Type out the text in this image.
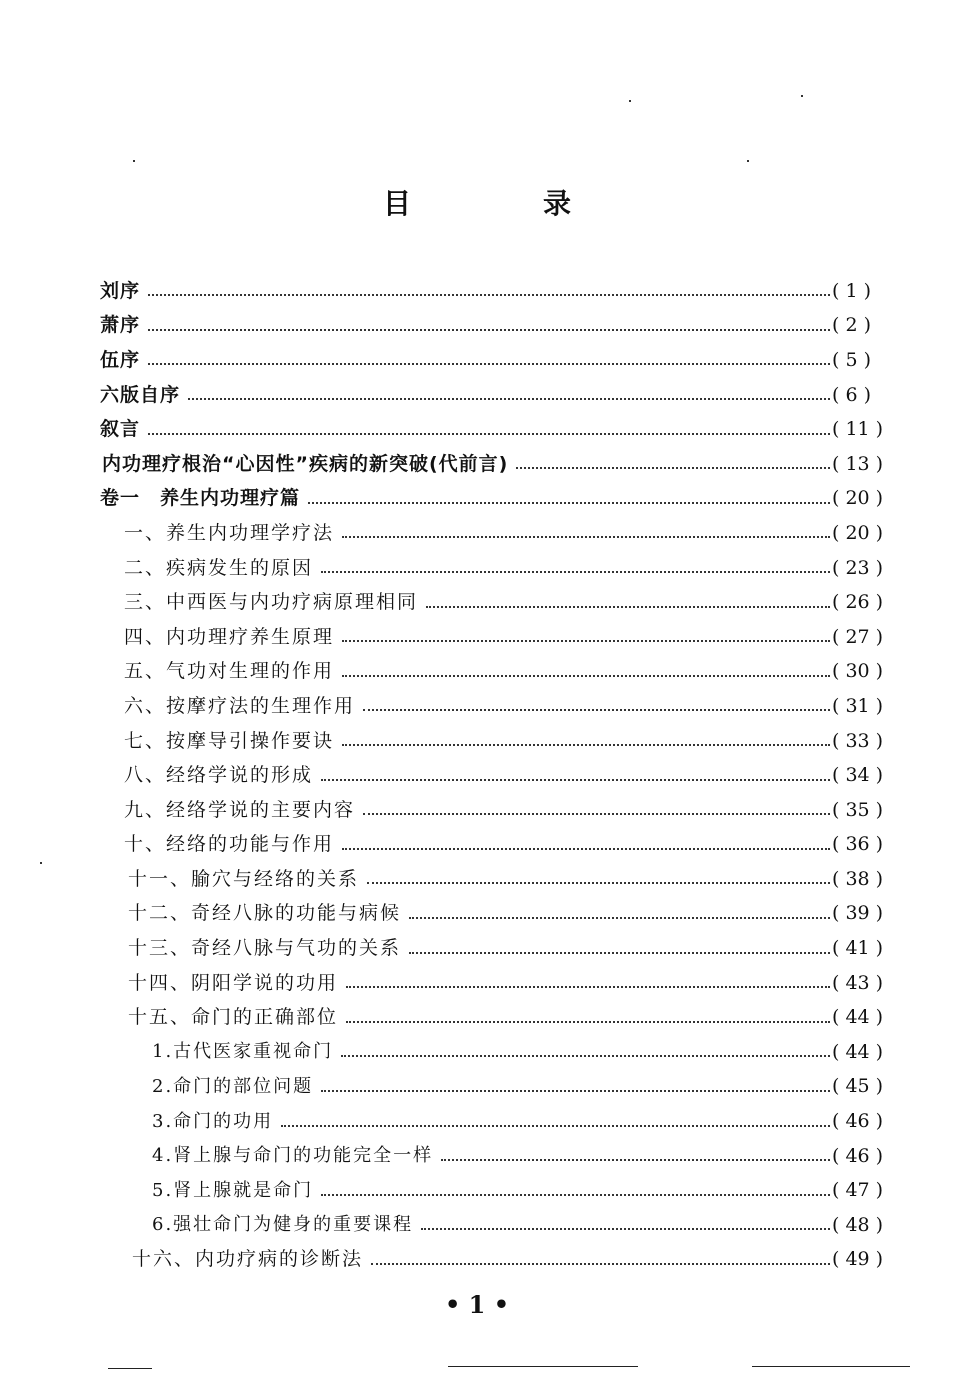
目　录
刘序	( 1 )
萧序	( 2 )
伍序	( 5 )
六版自序	( 6 )
叙言	( 11 )
内功理疗根治“心因性”疾病的新突破(代前言)	( 13 )
卷一　养生内功理疗篇	( 20 )
一、养生内功理学疗法	( 20 )
二、疾病发生的原因	( 23 )
三、中西医与内功疗病原理相同	( 26 )
四、内功理疗养生原理	( 27 )
五、气功对生理的作用	( 30 )
六、按摩疗法的生理作用	( 31 )
七、按摩导引操作要诀	( 33 )
八、经络学说的形成	( 34 )
九、经络学说的主要内容	( 35 )
十、经络的功能与作用	( 36 )
十一、腧穴与经络的关系	( 38 )
十二、奇经八脉的功能与病候	( 39 )
十三、奇经八脉与气功的关系	( 41 )
十四、阴阳学说的功用	( 43 )
十五、命门的正确部位	( 44 )
1.古代医家重视命门	( 44 )
2.命门的部位问题	( 45 )
3.命门的功用	( 46 )
4.肾上腺与命门的功能完全一样	( 46 )
5.肾上腺就是命门	( 47 )
6.强壮命门为健身的重要课程	( 48 )
十六、内功疗病的诊断法	( 49 )
• 1 •
